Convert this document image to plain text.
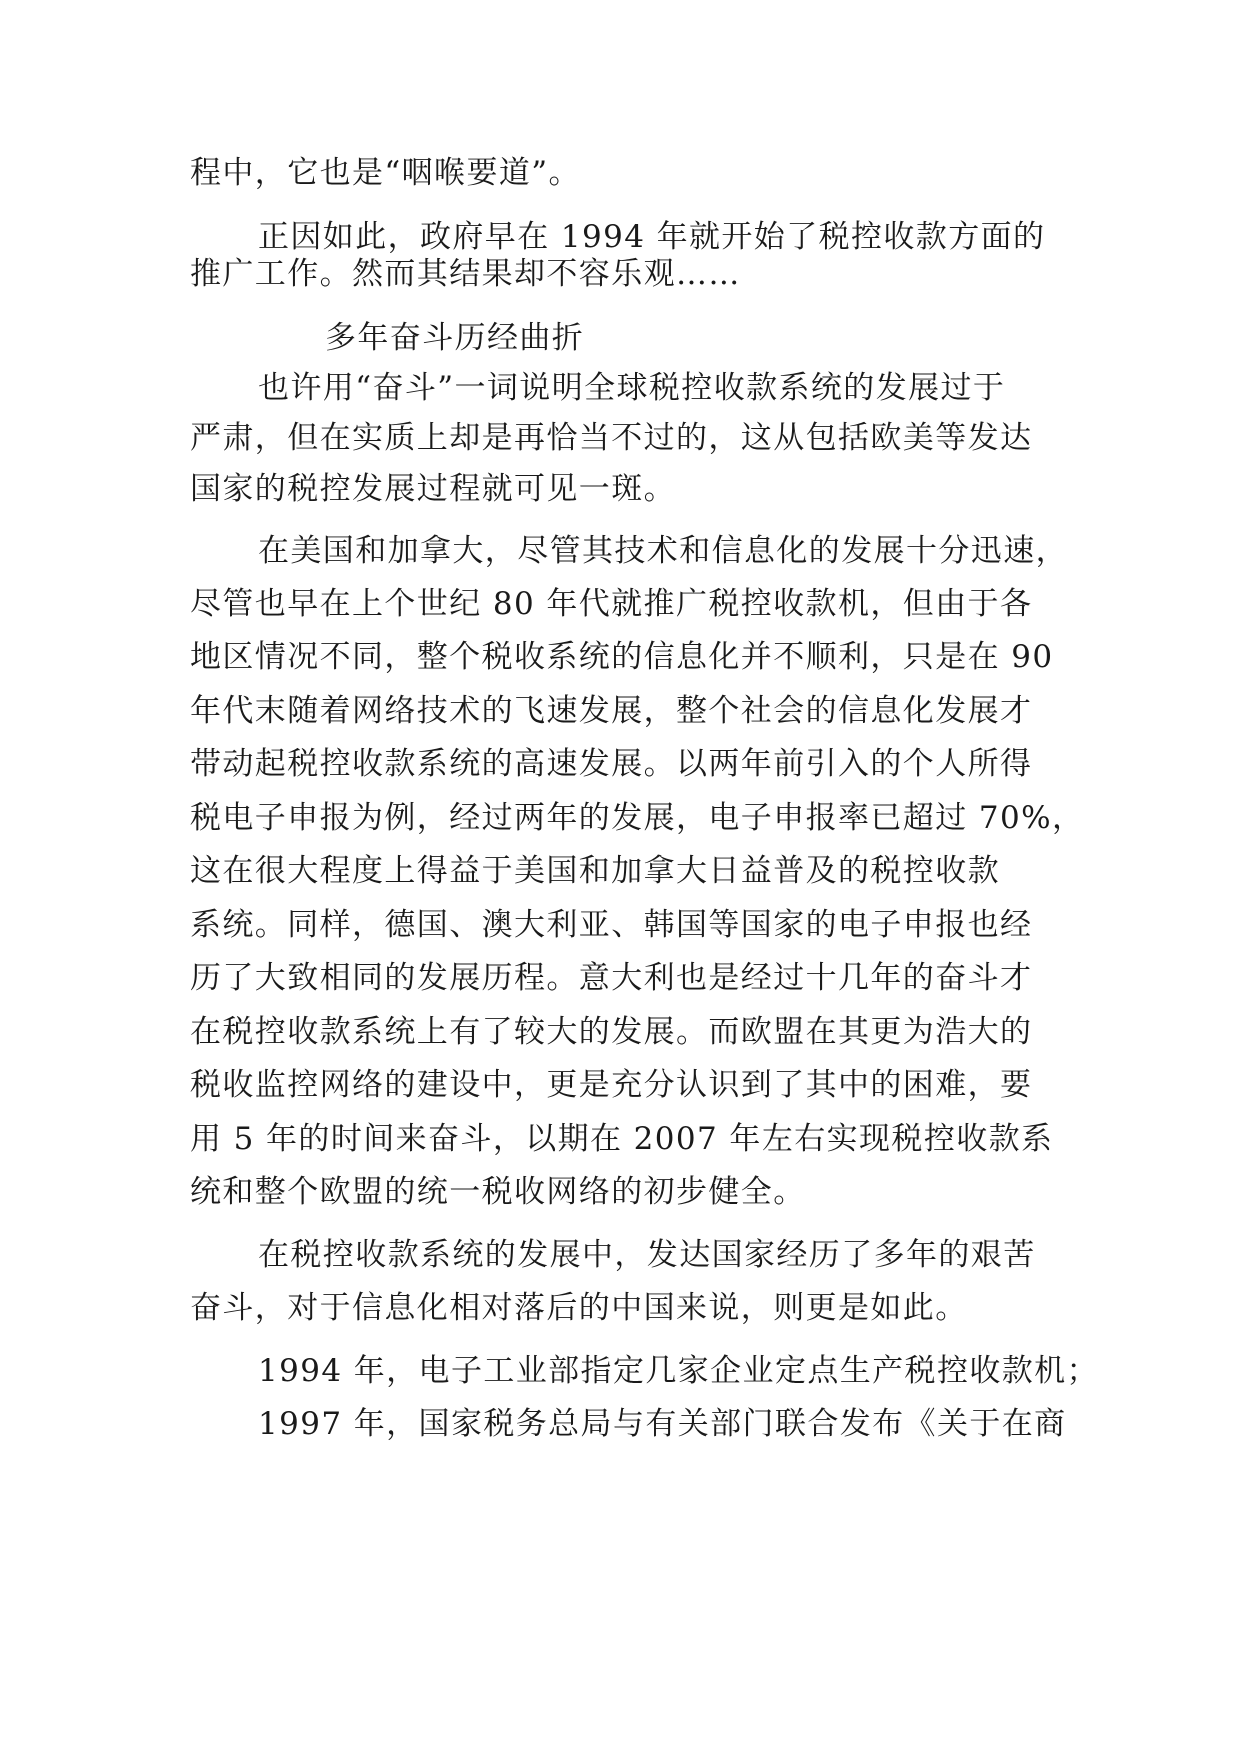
程中，它也是“咽喉要道”。
正因如此，政府早在 1994 年就开始了税控收款方面的
推广工作。然而其结果却不容乐观……
多年奋斗历经曲折
也许用“奋斗”一词说明全球税控收款系统的发展过于
严肃，但在实质上却是再恰当不过的，这从包括欧美等发达
国家的税控发展过程就可见一斑。
在美国和加拿大，尽管其技术和信息化的发展十分迅速，
尽管也早在上个世纪 80 年代就推广税控收款机，但由于各
地区情况不同，整个税收系统的信息化并不顺利，只是在 90
年代末随着网络技术的飞速发展，整个社会的信息化发展才
带动起税控收款系统的高速发展。以两年前引入的个人所得
税电子申报为例，经过两年的发展，电子申报率已超过 70%，
这在很大程度上得益于美国和加拿大日益普及的税控收款
系统。同样，德国、澳大利亚、韩国等国家的电子申报也经
历了大致相同的发展历程。意大利也是经过十几年的奋斗才
在税控收款系统上有了较大的发展。而欧盟在其更为浩大的
税收监控网络的建设中，更是充分认识到了其中的困难，要
用 5 年的时间来奋斗，以期在 2007 年左右实现税控收款系
统和整个欧盟的统一税收网络的初步健全。
在税控收款系统的发展中，发达国家经历了多年的艰苦
奋斗，对于信息化相对落后的中国来说，则更是如此。
1994 年，电子工业部指定几家企业定点生产税控收款机；
1997 年，国家税务总局与有关部门联合发布《关于在商
